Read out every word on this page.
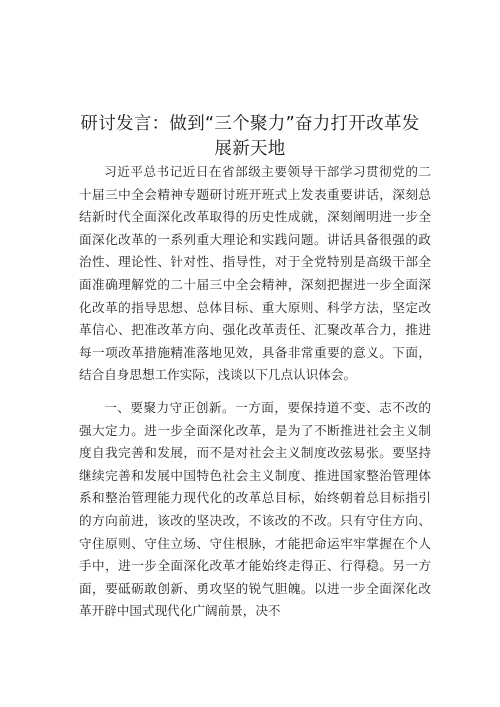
研讨发言：做到“三个聚力”奋力打开改革发
展新天地

习近平总书记近日在省部级主要领导干部学习贯彻党的二十届三中全会精神专题研讨班开班式上发表重要讲话，深刻总结新时代全面深化改革取得的历史性成就，深刻阐明进一步全面深化改革的一系列重大理论和实践问题。讲话具备很强的政治性、理论性、针对性、指导性，对于全党特别是高级干部全面准确理解党的二十届三中全会精神，深刻把握进一步全面深化改革的指导思想、总体目标、重大原则、科学方法，坚定改革信心、把准改革方向、强化改革责任、汇聚改革合力，推进每一项改革措施精准落地见效，具备非常重要的意义。下面，结合自身思想工作实际，浅谈以下几点认识体会。

一、要聚力守正创新。一方面，要保持道不变、志不改的强大定力。进一步全面深化改革，是为了不断推进社会主义制度自我完善和发展，而不是对社会主义制度改弦易张。要坚持继续完善和发展中国特色社会主义制度、推进国家整治管理体系和整治管理能力现代化的改革总目标，始终朝着总目标指引的方向前进，该改的坚决改，不该改的不改。只有守住方向、守住原则、守住立场、守住根脉，才能把命运牢牢掌握在个人手中，进一步全面深化改革才能始终走得正、行得稳。另一方面，要砥砺敢创新、勇攻坚的锐气胆魄。以进一步全面深化改革开辟中国式现代化广阔前景，决不
